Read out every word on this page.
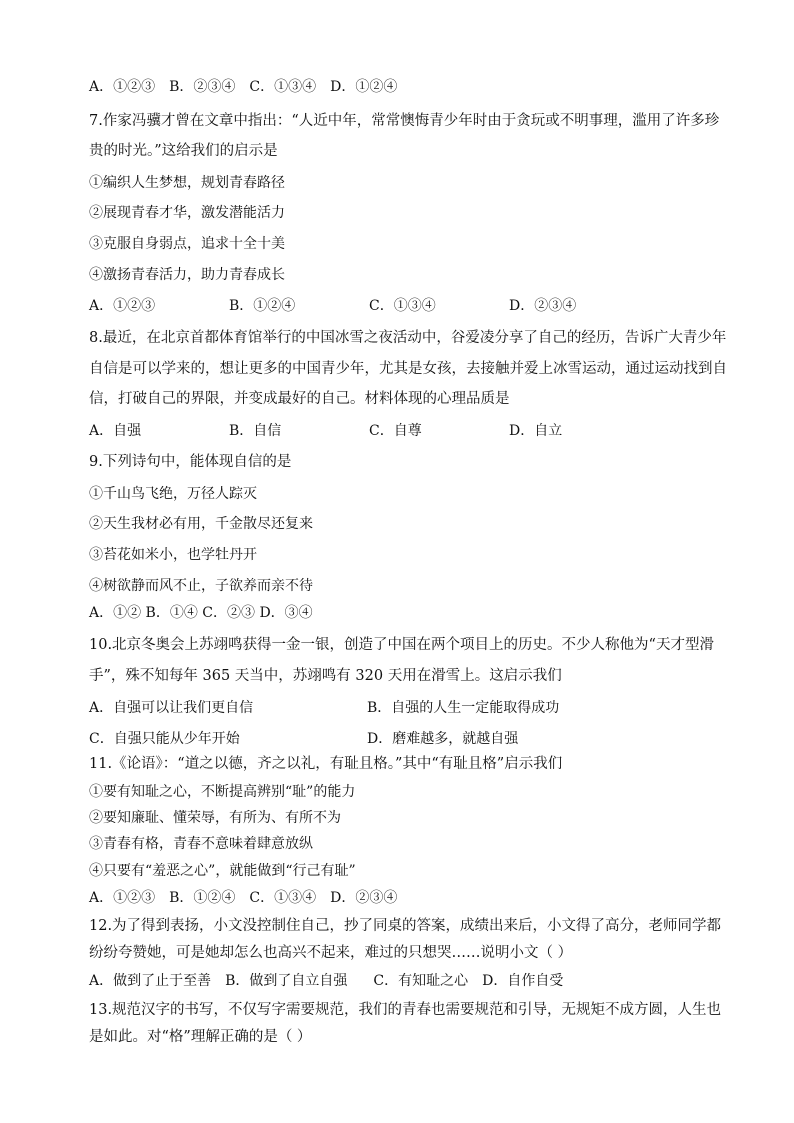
A．①②③ B．②③④ C．①③④ D．①②④
7.作家冯骥才曾在文章中指出：“人近中年，常常懊悔青少年时由于贪玩或不明事理，滥用了许多珍
贵的时光。”这给我们的启示是
①编织人生梦想，规划青春路径
②展现青春才华，激发潜能活力
③克服自身弱点，追求十全十美
④激扬青春活力，助力青春成长
A．①②③	B．①②④	C．①③④	D．②③④
8.最近，在北京首都体育馆举行的中国冰雪之夜活动中，谷爱凌分享了自己的经历，告诉广大青少年
自信是可以学来的，想让更多的中国青少年，尤其是女孩，去接触并爱上冰雪运动，通过运动找到自
信，打破自己的界限，并变成最好的自己。材料体现的心理品质是
A．自强	B．自信	C．自尊	D．自立
9.下列诗句中，能体现自信的是
①千山鸟飞绝，万径人踪灭
②天生我材必有用，千金散尽还复来
③苔花如米小，也学牡丹开
④树欲静而风不止，子欲养而亲不待
A．①② B．①④ C．②③ D．③④
10.北京冬奥会上苏翊鸣获得一金一银，创造了中国在两个项目上的历史。不少人称他为“天才型滑
手”，殊不知每年 365 天当中，苏翊鸣有 320 天用在滑雪上。这启示我们
A．自强可以让我们更自信	B．自强的人生一定能取得成功
C．自强只能从少年开始	D．磨难越多，就越自强
11.《论语》：“道之以德，齐之以礼，有耻且格。”其中“有耻且格”启示我们
①要有知耻之心，不断提高辨别“耻”的能力
②要知廉耻、懂荣辱，有所为、有所不为
③青春有格，青春不意味着肆意放纵
④只要有“羞恶之心”，就能做到“行己有耻”
A．①②③ B．①②④ C．①③④ D．②③④
12.为了得到表扬，小文没控制住自己，抄了同桌的答案，成绩出来后，小文得了高分，老师同学都
纷纷夸赞她，可是她却怎么也高兴不起来，难过的只想哭……说明小文（ ）
A．做到了止于至善 B．做到了自立自强 C．有知耻之心 D．自作自受
13.规范汉字的书写，不仅写字需要规范，我们的青春也需要规范和引导，无规矩不成方圆，人生也
是如此。对“格”理解正确的是（ ）
